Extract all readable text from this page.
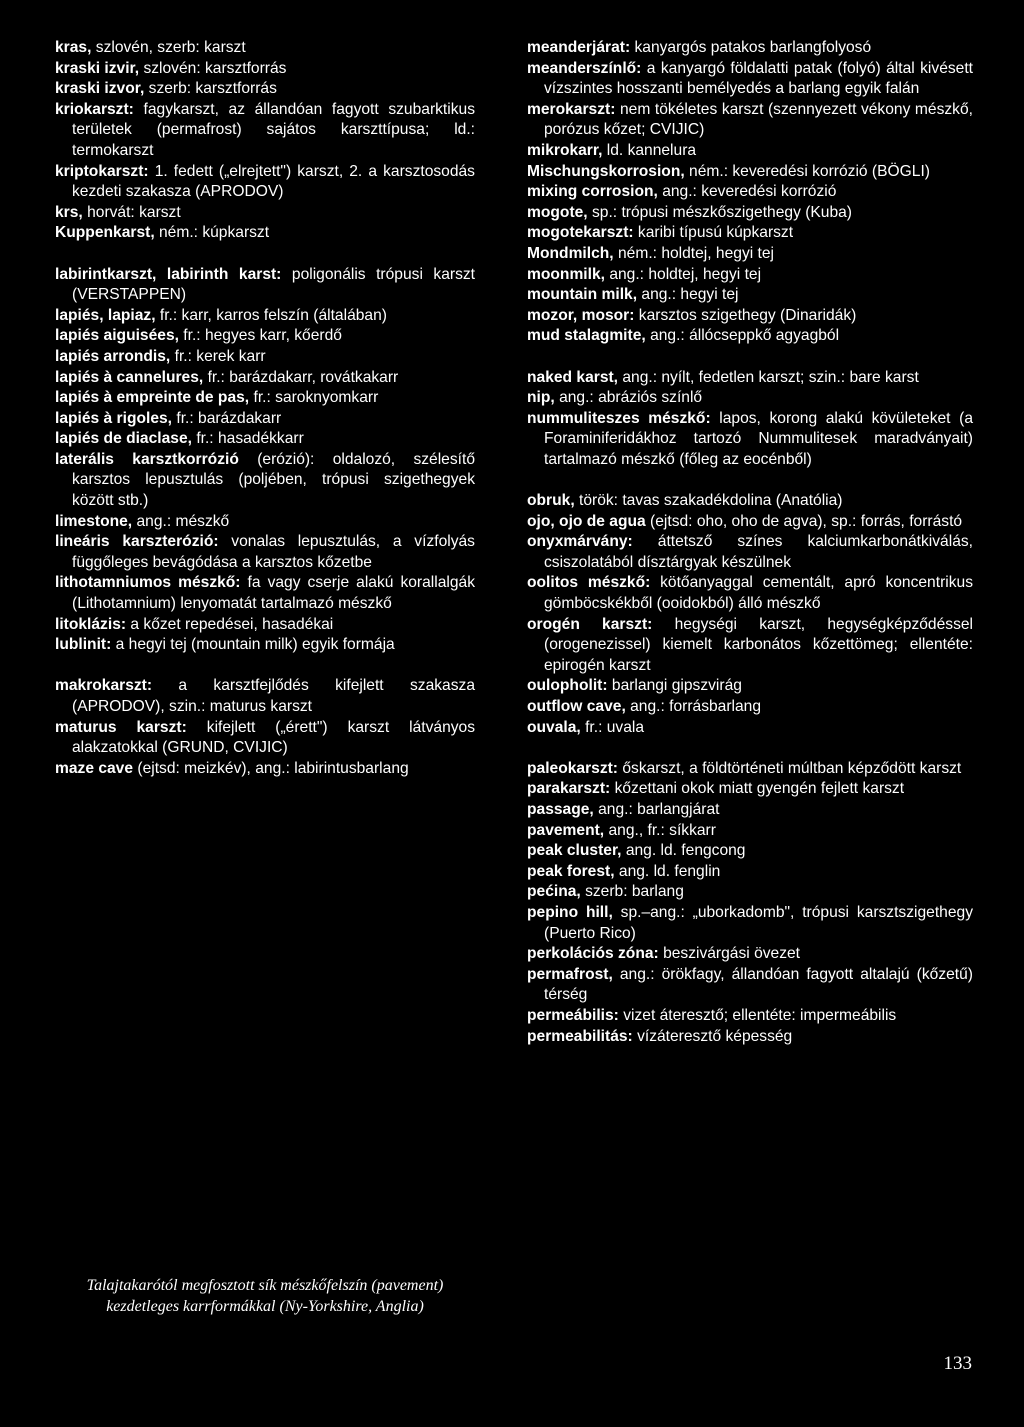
kras, szlovén, szerb: karszt

kraski izvir, szlovén: karsztforrás

kraski izvor, szerb: karsztforrás

kriokarszt: fagykarszt, az állandóan fagyott szubarktikus területek (permafrost) sajátos karszttípusa; ld.: termokarszt

kriptokarszt: 1. fedett („elrejtett") karszt, 2. a karsztosodás kezdeti szakasza (APRODOV)

krs, horvát: karszt

Kuppenkarst, ném.: kúpkarszt

labirintkarszt, labirinth karst: poligonális trópusi karszt (VERSTAPPEN)

lapiés, lapiaz, fr.: karr, karros felszín (általában)

lapiés aiguisées, fr.: hegyes karr, kőerdő

lapiés arrondis, fr.: kerek karr

lapiés à cannelures, fr.: barázdakarr, rovátkakarr

lapiés à empreinte de pas, fr.: saroknyomkarr

lapiés à rigoles, fr.: barázdakarr

lapiés de diaclase, fr.: hasadékkarr

laterális karsztkorrózió (erózió): oldalozó, szélesítő karsztos lepusztulás (poljében, trópusi szigethegyek között stb.)

limestone, ang.: mészkő

lineáris karszterózió: vonalas lepusztulás, a vízfolyás függőleges bevágódása a karsztos kőzetbe

lithotamniumos mészkő: fa vagy cserje alakú korallalgák (Lithotamnium) lenyomatát tartalmazó mészkő

litoklázis: a kőzet repedései, hasadékai

lublinit: a hegyi tej (mountain milk) egyik formája

makrokarszt: a karsztfejlődés kifejlett szakasza (APRODOV), szin.: maturus karszt

maturus karszt: kifejlett („érett") karszt látványos alakzatokkal (GRUND, CVIJIC)

maze cave (ejtsd: meizkév), ang.: labirintusbarlang

meanderjárat: kanyargós patakos barlangfolyosó

meanderszínlő: a kanyargó földalatti patak (folyó) által kivésett vízszintes hosszanti bemélyedés a barlang egyik falán

merokarszt: nem tökéletes karszt (szennyezett vékony mészkő, porózus kőzet; CVIJIC)

mikrokarr, ld. kannelura

Mischungskorrosion, ném.: keveredési korrózió (BÖGLI)

mixing corrosion, ang.: keveredési korrózió

mogote, sp.: trópusi mészkőszigethegy (Kuba)

mogotekarszt: karibi típusú kúpkarszt

Mondmilch, ném.: holdtej, hegyi tej

moonmilk, ang.: holdtej, hegyi tej

mountain milk, ang.: hegyi tej

mozor, mosor: karsztos szigethegy (Dinaridák)

mud stalagmite, ang.: állócseppkő agyagból

naked karst, ang.: nyílt, fedetlen karszt; szin.: bare karst

nip, ang.: abráziós színlő

nummuliteszes mészkő: lapos, korong alakú kövületeket (a Foraminiferidákhoz tartozó Nummulitesek maradványait) tartalmazó mészkő (főleg az eocénből)

obruk, török: tavas szakadékdolina (Anatólia)

ojo, ojo de agua (ejtsd: oho, oho de agva), sp.: forrás, forrástó

onyxmárvány: áttetsző színes kalciumkarbonátkiválás, csiszolatából dísztárgyak készülnek

oolitos mészkő: kötőanyaggal cementált, apró koncentrikus gömböcskékből (ooidokból) álló mészkő

orogén karszt: hegységi karszt, hegységképződéssel (orogenezissel) kiemelt karbonátos kőzettömeg; ellentéte: epirogén karszt

oulopholit: barlangi gipszvirág

outflow cave, ang.: forrásbarlang

ouvala, fr.: uvala

paleokarszt: őskarszt, a földtörténeti múltban képződött karszt

parakarszt: kőzettani okok miatt gyengén fejlett karszt

passage, ang.: barlangjárat

pavement, ang., fr.: síkkarr

peak cluster, ang. ld. fengcong

peak forest, ang. ld. fenglin

pećina, szerb: barlang

pepino hill, sp.–ang.: „uborkadomb", trópusi karsztszigethegy (Puerto Rico)

perkolációs zóna: beszivárgási övezet

permafrost, ang.: örökfagy, állandóan fagyott altalajú (kőzetű) térség

permeábilis: vizet áteresztő; ellentéte: impermeábilis

permeabilitás: vízáteresztő képesség

Talajtakarótól megfosztott sík mészkőfelszín (pavement)
kezdetleges karrformákkal (Ny-Yorkshire, Anglia)
133
